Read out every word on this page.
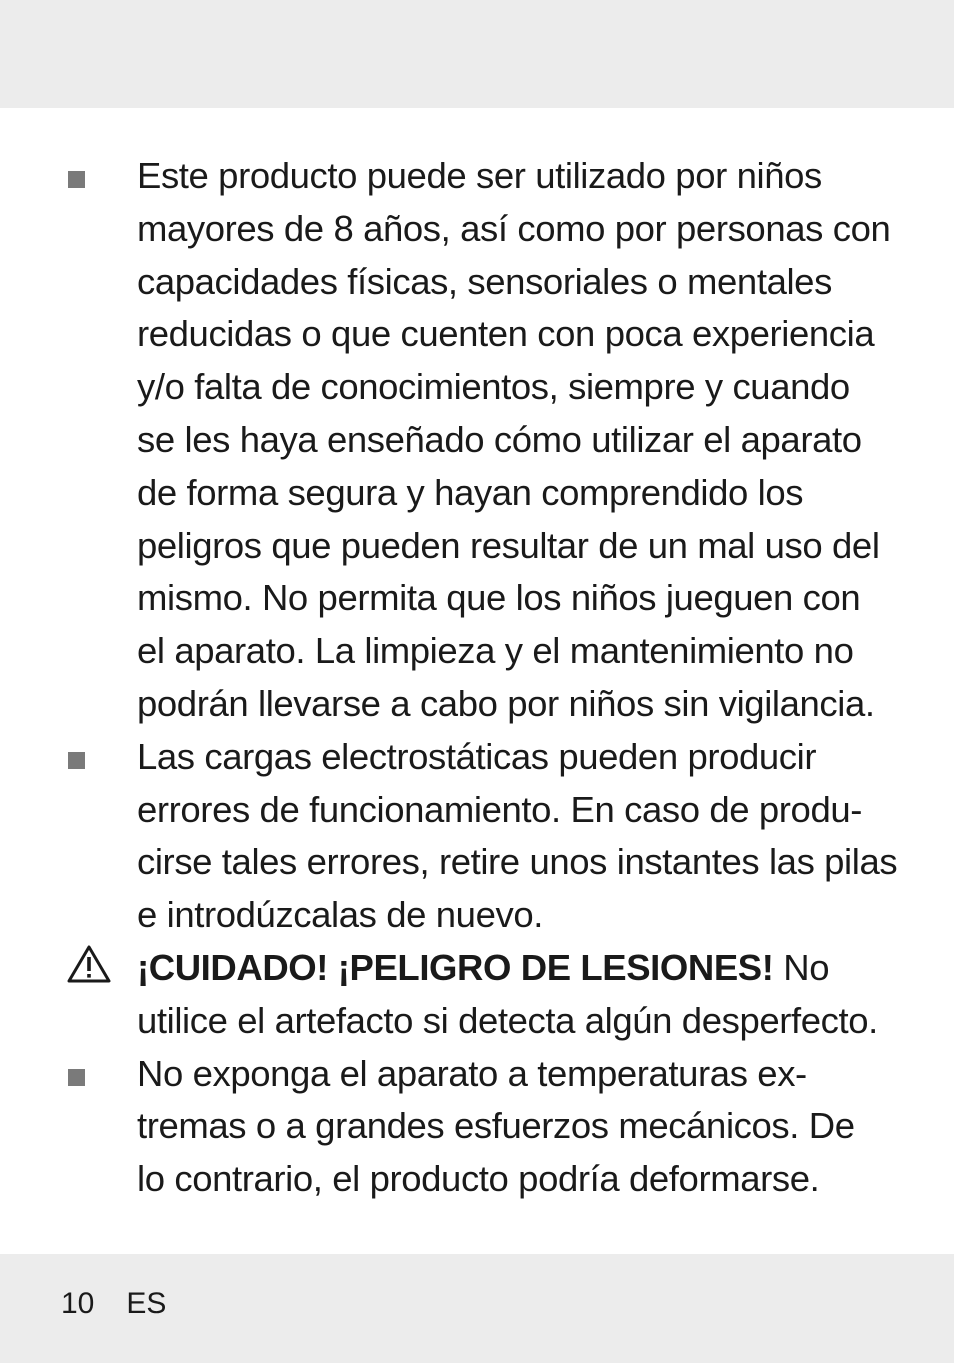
Este producto puede ser utilizado por niños
mayores de 8 años, así como por personas con
capacidades físicas, sensoriales o mentales
reducidas o que cuenten con poca experiencia
y/o falta de conocimientos, siempre y cuando
se les haya enseñado cómo utilizar el aparato
de forma segura y hayan comprendido los
peligros que pueden resultar de un mal uso del
mismo. No permita que los niños jueguen con
el aparato. La limpieza y el mantenimiento no
podrán llevarse a cabo por niños sin vigilancia.
Las cargas electrostáticas pueden producir
errores de funcionamiento. En caso de produ-
cirse tales errores, retire unos instantes las pilas
e introdúzcalas de nuevo.
¡CUIDADO! ¡PELIGRO DE LESIONES! No
utilice el artefacto si detecta algún desperfecto.
No exponga el aparato a temperaturas ex-
tremas o a grandes esfuerzos mecánicos. De
lo contrario, el producto podría deformarse.
10 ES
